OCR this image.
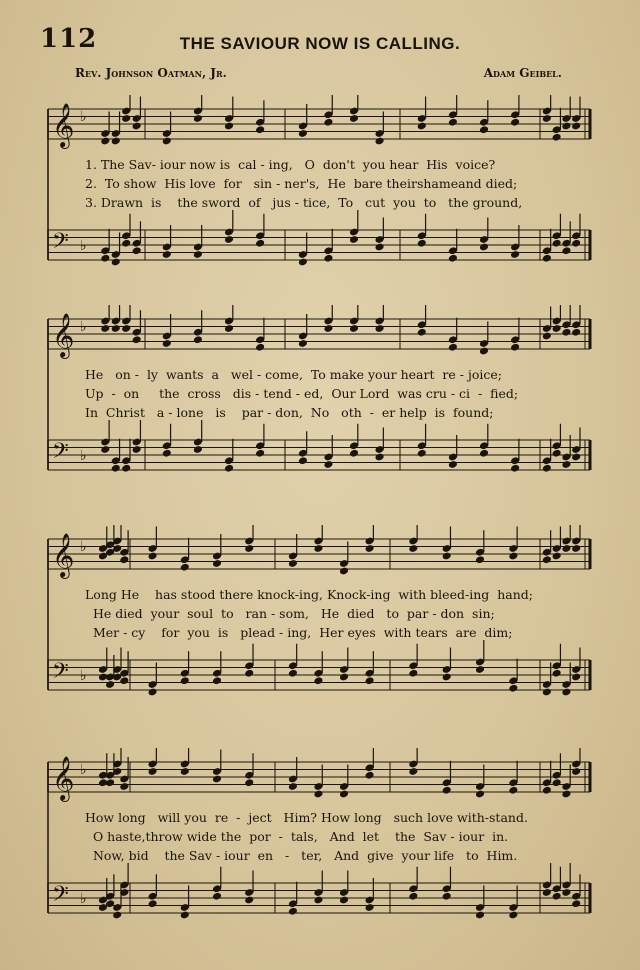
112	THE SAVIOUR NOW IS CALLING.
Rev. Johnson Oatman, Jr.	Adam Geibel.
𝄞 ♭
𝄢 ♭
1. The Sav- iour now is  cal - ing,   O  don't  you hear  His  voice?
2.  To show  His love  for   sin - ner's,  He  bare theirshameand died;
3. Drawn  is    the sword  of   jus - tice,  To   cut  you  to   the ground,
𝄞 ♭
𝄢 ♭
He   on -  ly  wants  a   wel - come,  To make your heart  re - joice;
Up  -  on     the  cross   dis - tend - ed,  Our Lord  was cru - ci  -  fied;
In  Christ   a - lone   is    par - don,  No   oth  -  er help  is  found;
𝄞 ♭
𝄢 ♭
Long He    has stood there knock-ing, Knock-ing  with bleed-ing  hand;
He died  your  soul  to   ran - som,   He  died   to  par - don  sin;
Mer - cy    for  you  is   plead - ing,  Her eyes  with tears  are  dim;
𝄞 ♭
𝄢 ♭
How long   will you  re  -  ject   Him? How long   such love with-stand.
O haste,throw wide the  por  -  tals,   And  let    the  Sav - iour  in.
Now, bid    the Sav - iour  en   -   ter,   And  give  your life   to  Him.
